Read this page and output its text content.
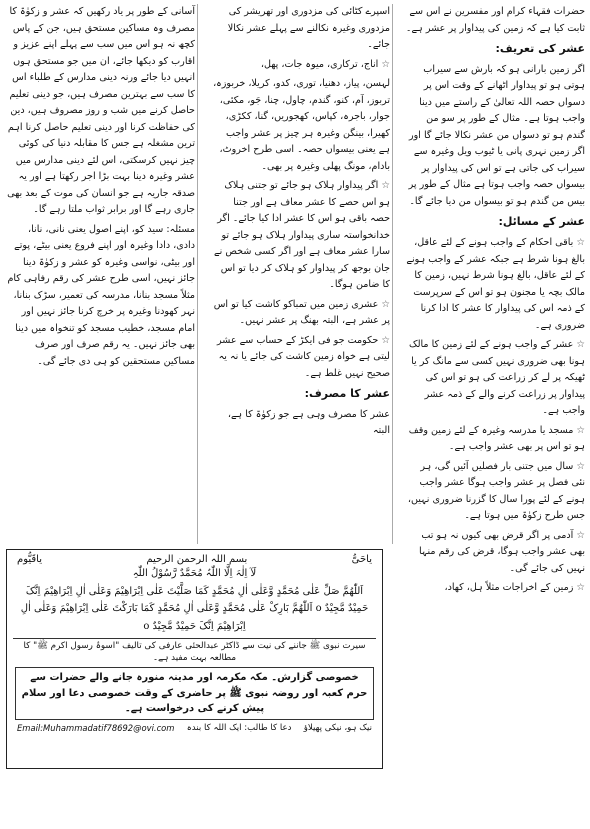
حضرات فقہاء کرام اور مفسرین نے اس سے ثابت کیا ہے کہ زمین کی پیداوار پر عشر ہے۔

عشر کی تعریف:

اگر زمین بارانی ہو کہ بارش سے سیراب ہوتی ہو تو پیداوار اٹھانے کے وقت اس پر دسواں حصہ اللہ تعالیٰ کے راستے میں دینا واجب ہوتا ہے۔ مثال کے طور پر سو من گندم ہو تو دسواں من عشر نکالا جائے گا اور اگر زمین نہری پانی یا ٹیوب ویل وغیرہ سے سیراب کی جاتی ہے تو اس کی پیداوار پر بیسواں حصہ واجب ہوتا ہے مثال کے طور پر بیس من گندم ہو تو بیسواں من دیا جائے گا۔

عشر کے مسائل:

☆ باقی احکام کے واجب ہونے کے لئے عاقل، بالغ ہونا شرط ہے جبکہ عشر کے واجب ہونے کے لئے عاقل، بالغ ہونا شرط نہیں، زمین کا مالک بچہ یا مجنون ہو تو اس کے سرپرست کے ذمہ اس کی پیداوار کا عشر کا ادا کرنا ضروری ہے۔

☆ عشر کے واجب ہونے کے لئے زمین کا مالک ہونا بھی ضروری نہیں کسی سے مانگ کر یا ٹھیکہ پر لے کر زراعت کی ہو تو اس کی پیداوار پر زراعت کرنے والے کے ذمہ عشر واجب ہے۔

☆ مسجد یا مدرسہ وغیرہ کے لئے زمین وقف ہو تو اس پر بھی عشر واجب ہے۔

☆ سال میں جتنی بار فصلیں آئیں گی، ہر نئی فصل پر عشر واجب ہوگا عشر واجب ہونے کے لئے پورا سال کا گزرنا ضروری نہیں، جس طرح زکوٰۃ میں ہوتا ہے۔

☆ آدمی پر اگر قرض بھی کیوں نہ ہو تب بھی عشر واجب ہوگا، قرض کی رقم منہا نہیں کی جائے گی۔

☆ زمین کے اخراجات مثلاً ہل، کھاد،

اسپرے کٹائی کی مزدوری اور تھریشر کی مزدوری وغیرہ نکالنے سے پہلے عشر نکالا جائے۔

☆ اناج، ترکاری، میوہ جات، پھل،

لہسن، پیاز، دھنیا، توری، کدو، کریلا، خربوزہ، تربوز، آم، کنو، گندم، چاول، چنا، جَو، مکئی، جوار، باجرہ، کپاس، کھجوریں، گنا، ککڑی، کھیرا، بینگن وغیرہ ہر چیز پر عشر واجب ہے یعنی بیسواں حصہ۔ اسی طرح اخروٹ، بادام، مونگ پھلی وغیرہ پر بھی۔

☆ اگر پیداوار ہلاک ہو جائے تو جتنی ہلاک ہو اس حصے کا عشر معاف ہے اور جتنا حصہ باقی ہو اس کا عشر ادا کیا جائے۔ اگر خدانخواستہ ساری پیداوار ہلاک ہو جائے تو سارا عشر معاف ہے اور اگر کسی شخص نے جان بوجھ کر پیداوار کو ہلاک کر دیا تو اس کا ضامن ہوگا۔

☆ عشری زمین میں تمباکو کاشت کیا تو اس پر عشر ہے، البتہ بھنگ پر عشر نہیں۔

☆ حکومت جو فی ایکڑ کے حساب سے عشر لیتی ہے خواہ زمین کاشت کی جائے یا نہ یہ صحیح نہیں غلط ہے۔

عشر کا مصرف:

عشر کا مصرف وہی ہے جو زکوٰۃ کا ہے، البتہ

آسانی کے طور پر یاد رکھیں کہ عشر و زکوٰۃ کا مصرف وہ مساکین مستحق ہیں، جن کے پاس کچھ نہ ہو اس میں سب سے پہلے اپنے عزیز و اقارب کو دیکھا جائے، ان میں جو مستحق ہوں انہیں دیا جائے ورنہ دینی مدارس کے طلباء اس کا سب سے بہترین مصرف ہیں، جو دینی تعلیم حاصل کرنے میں شب و روز مصروف ہیں، دین کی حفاظت کرنا اور دینی تعلیم حاصل کرنا اہم ترین مشغلہ ہے جس کا مقابلہ دنیا کی کوئی چیز نہیں کرسکتی، اس لئے دینی مدارس میں عشر وغیرہ دینا بہت بڑا اجر رکھتا ہے اور یہ صدقہ جاریہ ہے جو انسان کی موت کے بعد بھی جاری رہے گا اور برابر ثواب ملتا رہے گا۔

مسئلہ: سید کو، اپنے اصول یعنی نانی، نانا، دادی، دادا وغیرہ اور اپنے فروع یعنی بیٹے، پوتے اور بیٹی، نواسی وغیرہ کو عشر و زکوٰۃ دینا جائز نہیں، اسی طرح عشر کی رقم رفاہی کام مثلاً مسجد بنانا، مدرسہ کی تعمیر، سڑک بنانا، نہر کھودنا وغیرہ پر خرچ کرنا جائز نہیں اور امام مسجد، خطیب مسجد کو تنخواہ میں دینا بھی جائز نہیں۔ یہ رقم صرف اور صرف مساکین مستحقین کو ہی دی جائے گی۔

یاحَیُّ
بسم اللہ الرحمن الرحیم
یاقَیُّوم
لَآ اِلٰہَ اِلَّا اللّٰہُ مُحَمَّدٌ رَّسُوْلُ اللّٰہِ
اَللّٰھُمَّ صَلِّ عَلٰی مُحَمَّدٍ وَّعَلٰی اٰلِ مُحَمَّدٍ کَمَا صَلَّیْتَ عَلٰی اِبْرَاھِیْمَ وَعَلٰی اٰلِ اِبْرَاھِیْمَ اِنَّکَ حَمِیْدٌ مَّجِیْدٌ o اَللّٰھُمَّ بَارِکْ عَلٰی مُحَمَّدٍ وَّعَلٰی اٰلِ مُحَمَّدٍ کَمَا بَارَکْتَ عَلٰی اِبْرَاھِیْمَ وَعَلٰی اٰلِ اِبْرَاھِیْمَ اِنَّکَ حَمِیْدٌ مَّجِیْدٌ o
سیرت نبوی ﷺ جاننے کی نیت سے ڈاکٹر عبدالحئی عارفی کی تالیف "اسوۂ رسول اکرم ﷺ" کا مطالعہ بہت مفید ہے۔
خصوصی گزارش۔ مکہ مکرمہ اور مدینہ منورہ جانے والے حضرات سے حرم کعبہ اور روضہ نبوی ﷺ پر حاضری کے وقت خصوصی دعا اور سلام پیش کرنے کی درخواست ہے۔
نیک ہو، نیکی پھیلاؤ
دعا کا طالب: ایک اللہ کا بندہ
Email:Muhammadatif78692@ovi.com
